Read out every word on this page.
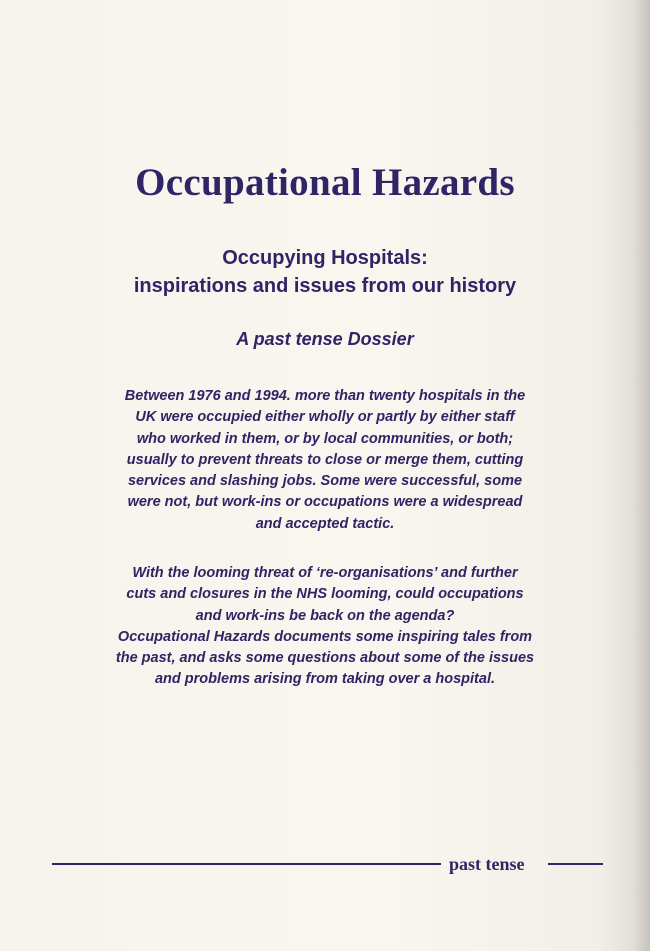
Occupational Hazards
Occupying Hospitals:
inspirations and issues from our history
A past tense Dossier
Between 1976 and 1994. more than twenty hospitals in the
UK were occupied either wholly or partly by either staff
who worked in them, or by local communities, or both;
usually to prevent threats to close or merge them, cutting
services and slashing jobs. Some were successful, some
were not, but work-ins or occupations were a widespread
and accepted tactic.
With the looming threat of ‘re-organisations’ and further
cuts and closures in the NHS looming, could occupations
and work-ins be back on the agenda?
Occupational Hazards documents some inspiring tales from
the past, and asks some questions about some of the issues
and problems arising from taking over a hospital.
past tense
